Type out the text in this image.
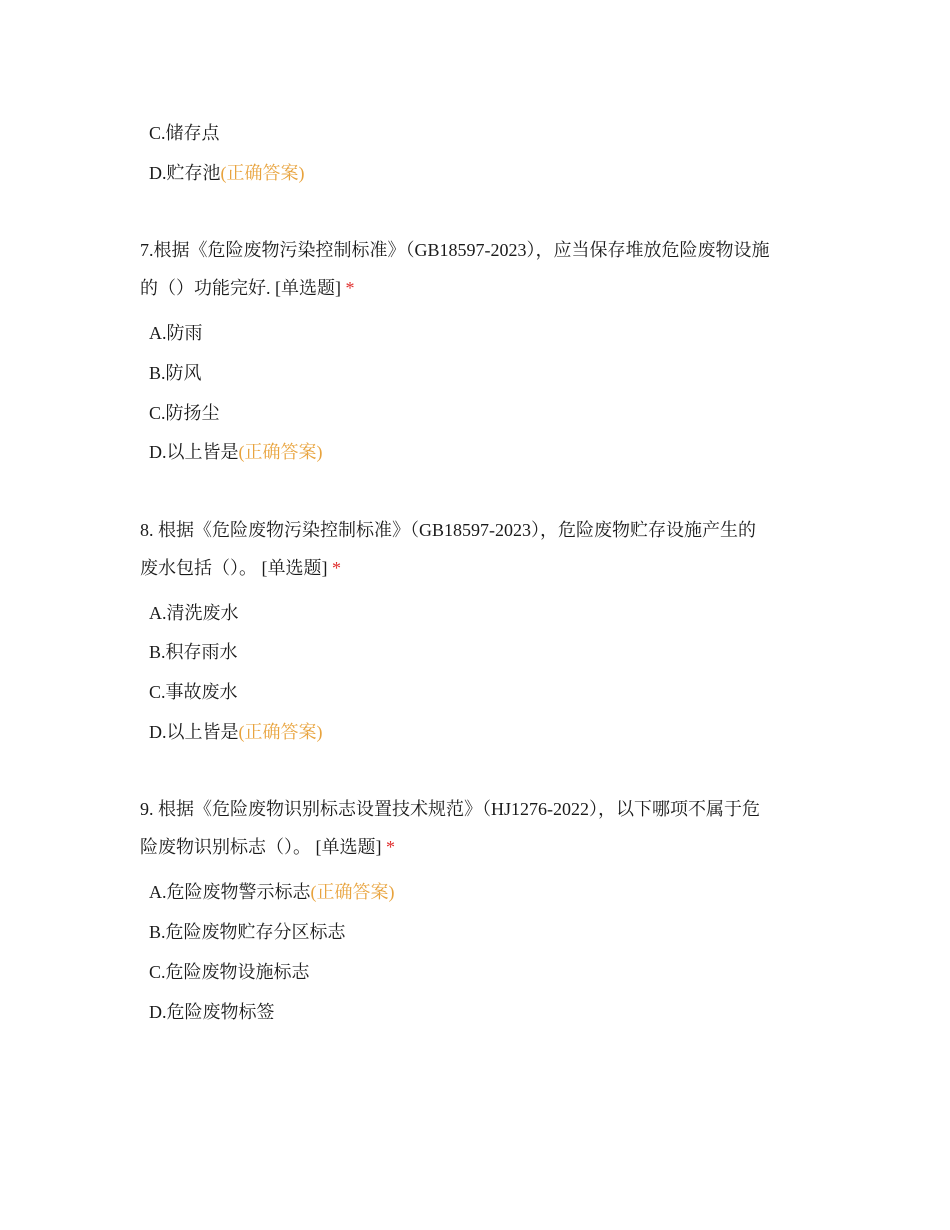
C.储存点
D.贮存池(正确答案)
7.根据《危险废物污染控制标准》（GB18597-2023），应当保存堆放危险废物设施
的（）功能完好. [单选题] *
A.防雨
B.防风
C.防扬尘
D.以上皆是(正确答案)
8. 根据《危险废物污染控制标准》（GB18597-2023），危险废物贮存设施产生的
废水包括（）。 [单选题] *
A.清洗废水
B.积存雨水
C.事故废水
D.以上皆是(正确答案)
9. 根据《危险废物识别标志设置技术规范》（HJ1276-2022），以下哪项不属于危
险废物识别标志（）。 [单选题] *
A.危险废物警示标志(正确答案)
B.危险废物贮存分区标志
C.危险废物设施标志
D.危险废物标签
